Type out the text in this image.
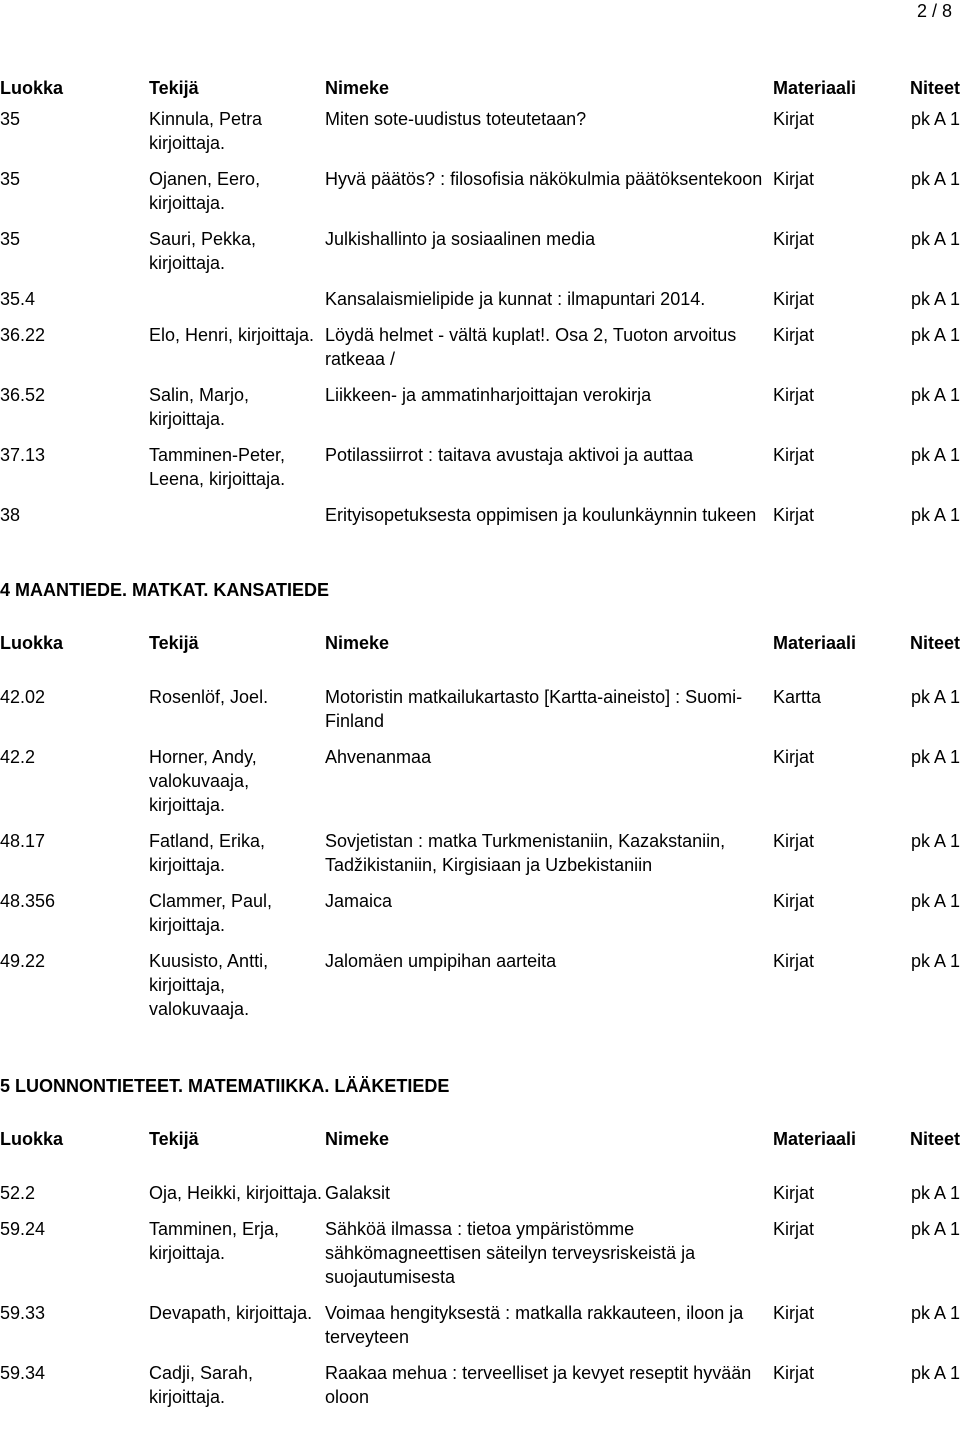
2 / 8
Luokka	Tekijä	Nimeke	Materiaali	Niteet
35	Kinnula, Petra kirjoittaja.	Miten sote-uudistus toteutetaan?	Kirjat	pk A 1
35	Ojanen, Eero, kirjoittaja.	Hyvä päätös? : filosofisia näkökulmia päätöksentekoon	Kirjat	pk A 1
35	Sauri, Pekka, kirjoittaja.	Julkishallinto ja sosiaalinen media	Kirjat	pk A 1
35.4		Kansalaismielipide ja kunnat : ilmapuntari 2014.	Kirjat	pk A 1
36.22	Elo, Henri, kirjoittaja.	Löydä helmet - vältä kuplat!. Osa 2, Tuoton arvoitus ratkeaa /	Kirjat	pk A 1
36.52	Salin, Marjo, kirjoittaja.	Liikkeen- ja ammatinharjoittajan verokirja	Kirjat	pk A 1
37.13	Tamminen-Peter, Leena, kirjoittaja.	Potilassiirrot : taitava avustaja aktivoi ja auttaa	Kirjat	pk A 1
38		Erityisopetuksesta oppimisen ja koulunkäynnin tukeen	Kirjat	pk A 1
4 MAANTIEDE. MATKAT. KANSATIEDE
Luokka	Tekijä	Nimeke	Materiaali	Niteet
42.02	Rosenlöf, Joel.	Motoristin matkailukartasto [Kartta-aineisto] : Suomi-Finland	Kartta	pk A 1
42.2	Horner, Andy, valokuvaaja, kirjoittaja.	Ahvenanmaa	Kirjat	pk A 1
48.17	Fatland, Erika, kirjoittaja.	Sovjetistan : matka Turkmenistaniin, Kazakstaniin, Tadžikistaniin, Kirgisiaan ja Uzbekistaniin	Kirjat	pk A 1
48.356	Clammer, Paul, kirjoittaja.	Jamaica	Kirjat	pk A 1
49.22	Kuusisto, Antti, kirjoittaja, valokuvaaja.	Jalomäen umpipihan aarteita	Kirjat	pk A 1
5 LUONNONTIETEET. MATEMATIIKKA. LÄÄKETIEDE
Luokka	Tekijä	Nimeke	Materiaali	Niteet
52.2	Oja, Heikki, kirjoittaja.	Galaksit	Kirjat	pk A 1
59.24	Tamminen, Erja, kirjoittaja.	Sähköä ilmassa : tietoa ympäristömme sähkömagneettisen säteilyn terveysriskeistä ja suojautumisesta	Kirjat	pk A 1
59.33	Devapath, kirjoittaja.	Voimaa hengityksestä : matkalla rakkauteen, iloon ja terveyteen	Kirjat	pk A 1
59.34	Cadji, Sarah, kirjoittaja.	Raakaa mehua : terveelliset ja kevyet reseptit hyvään oloon	Kirjat	pk A 1
